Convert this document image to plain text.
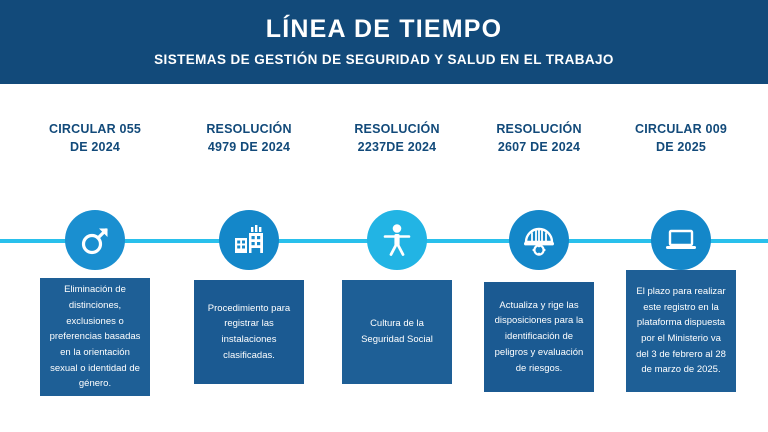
LÍNEA DE TIEMPO
SISTEMAS DE GESTIÓN DE SEGURIDAD Y SALUD EN EL TRABAJO
CIRCULAR 055
DE 2024
Eliminación de distinciones, exclusiones o preferencias basadas en la orientación sexual o identidad de género.
RESOLUCIÓN
4979 DE 2024
Procedimiento para registrar las instalaciones clasificadas.
RESOLUCIÓN
2237DE 2024
Cultura de la Seguridad Social
RESOLUCIÓN
2607 DE 2024
Actualiza y rige las disposiciones para la identificación de peligros y evaluación de riesgos.
CIRCULAR 009
DE 2025
El plazo para realizar este registro en la plataforma dispuesta por el Ministerio va del 3 de febrero al 28 de marzo de 2025.
